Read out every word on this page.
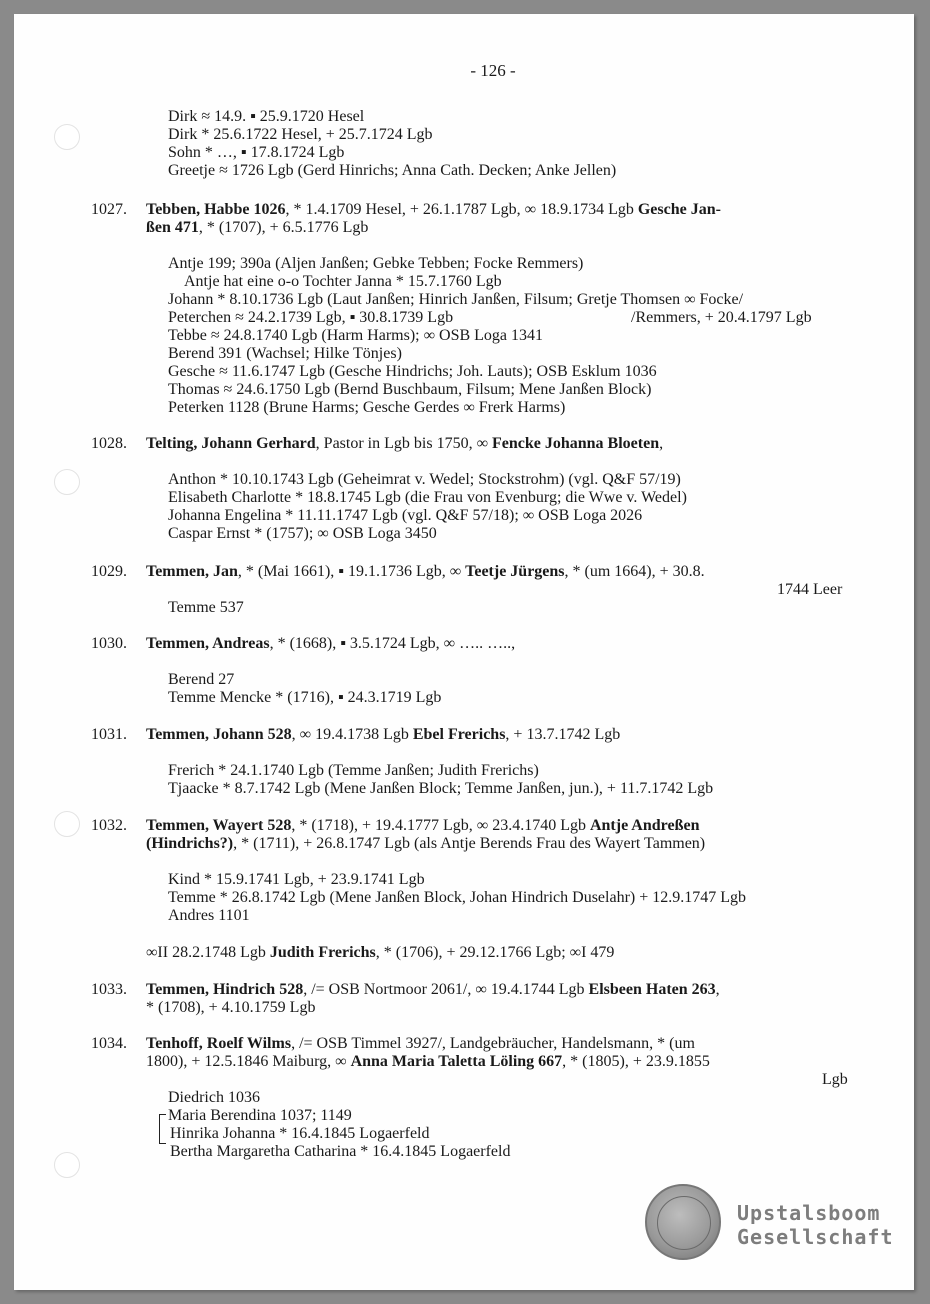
- 126 -
Dirk ≈ 14.9. ▪ 25.9.1720 Hesel
Dirk * 25.6.1722 Hesel, + 25.7.1724 Lgb
Sohn * …, ▪ 17.8.1724 Lgb
Greetje ≈ 1726 Lgb (Gerd Hinrichs; Anna Cath. Decken; Anke Jellen)
1027. Tebben, Habbe 1026, * 1.4.1709 Hesel, + 26.1.1787 Lgb, ∞ 18.9.1734 Lgb Gesche Jan-
ßen 471, * (1707), + 6.5.1776 Lgb
Antje 199; 390a (Aljen Janßen; Gebke Tebben; Focke Remmers)
Antje hat eine o-o Tochter Janna * 15.7.1760 Lgb
Johann * 8.10.1736 Lgb (Laut Janßen; Hinrich Janßen, Filsum; Gretje Thomsen ∞ Focke/
Peterchen ≈ 24.2.1739 Lgb, ▪ 30.8.1739 Lgb	/Remmers, + 20.4.1797 Lgb
Tebbe ≈ 24.8.1740 Lgb (Harm Harms); ∞ OSB Loga 1341
Berend 391 (Wachsel; Hilke Tönjes)
Gesche ≈ 11.6.1747 Lgb (Gesche Hindrichs; Joh. Lauts); OSB Esklum 1036
Thomas ≈ 24.6.1750 Lgb (Bernd Buschbaum, Filsum; Mene Janßen Block)
Peterken 1128 (Brune Harms; Gesche Gerdes ∞ Frerk Harms)
1028. Telting, Johann Gerhard, Pastor in Lgb bis 1750, ∞ Fencke Johanna Bloeten,
Anthon * 10.10.1743 Lgb (Geheimrat v. Wedel; Stockstrohm) (vgl. Q&F 57/19)
Elisabeth Charlotte * 18.8.1745 Lgb (die Frau von Evenburg; die Wwe v. Wedel)
Johanna Engelina * 11.11.1747 Lgb (vgl. Q&F 57/18); ∞ OSB Loga 2026
Caspar Ernst * (1757); ∞ OSB Loga 3450
1029. Temmen, Jan, * (Mai 1661), ▪ 19.1.1736 Lgb, ∞ Teetje Jürgens, * (um 1664), + 30.8.
1744 Leer
Temme 537
1030. Temmen, Andreas, * (1668), ▪ 3.5.1724 Lgb, ∞ ….. …..,
Berend 27
Temme Mencke * (1716), ▪ 24.3.1719 Lgb
1031. Temmen, Johann 528, ∞ 19.4.1738 Lgb Ebel Frerichs, + 13.7.1742 Lgb
Frerich * 24.1.1740 Lgb (Temme Janßen; Judith Frerichs)
Tjaacke * 8.7.1742 Lgb (Mene Janßen Block; Temme Janßen, jun.), + 11.7.1742 Lgb
1032. Temmen, Wayert 528, * (1718), + 19.4.1777 Lgb, ∞ 23.4.1740 Lgb Antje Andreßen
(Hindrichs?), * (1711), + 26.8.1747 Lgb (als Antje Berends Frau des Wayert Tammen)
Kind * 15.9.1741 Lgb, + 23.9.1741 Lgb
Temme * 26.8.1742 Lgb (Mene Janßen Block, Johan Hindrich Duselahr) + 12.9.1747 Lgb
Andres 1101
∞II 28.2.1748 Lgb Judith Frerichs, * (1706), + 29.12.1766 Lgb; ∞I 479
1033. Temmen, Hindrich 528, /= OSB Nortmoor 2061/, ∞ 19.4.1744 Lgb Elsbeen Haten 263,
* (1708), + 4.10.1759 Lgb
1034. Tenhoff, Roelf Wilms, /= OSB Timmel 3927/, Landgebräucher, Handelsmann, * (um
1800), + 12.5.1846 Maiburg, ∞ Anna Maria Taletta Löling 667, * (1805), + 23.9.1855
Lgb
Diedrich 1036
Maria Berendina 1037; 1149
Hinrika Johanna * 16.4.1845 Logaerfeld
Bertha Margaretha Catharina * 16.4.1845 Logaerfeld
Upstalsboom
Gesellschaft
